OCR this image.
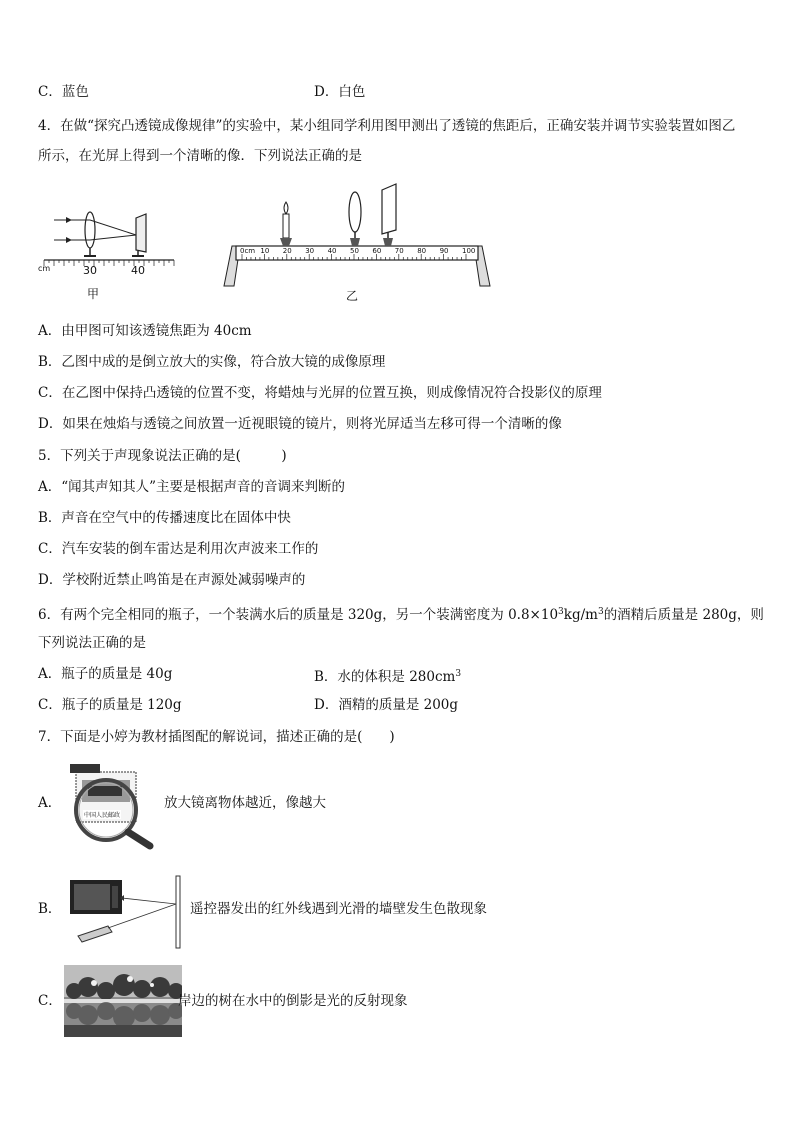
C．蓝色	D．白色
4．在做“探究凸透镜成像规律”的实验中，某小组同学利用图甲测出了透镜的焦距后，正确安装并调节实验装置如图乙
所示，在光屏上得到一个清晰的像．下列说法正确的是
cm	30	40
甲
0cm 10 20 30 40 50 60 70 80 90 100
乙
A．由甲图可知该透镜焦距为 40cm
B．乙图中成的是倒立放大的实像，符合放大镜的成像原理
C．在乙图中保持凸透镜的位置不变，将蜡烛与光屏的位置互换，则成像情况符合投影仪的原理
D．如果在烛焰与透镜之间放置一近视眼镜的镜片，则将光屏适当左移可得一个清晰的像
5．下列关于声现象说法正确的是(　　　)
A．“闻其声知其人”主要是根据声音的音调来判断的
B．声音在空气中的传播速度比在固体中快
C．汽车安装的倒车雷达是利用次声波来工作的
D．学校附近禁止鸣笛是在声源处减弱噪声的
6．有两个完全相同的瓶子，一个装满水后的质量是 320g，另一个装满密度为 $0.8\times 10^3kg/m^3$的酒精后质量是 280g，则
下列说法正确的是
A．瓶子的质量是 40g	B．水的体积是 $280cm^3$
C．瓶子的质量是 120g	D．酒精的质量是 200g
7．下面是小婷为教材插图配的解说词，描述正确的是(　　)
A．
中国人民邮政
放大镜离物体越近，像越大
B．	遥控器发出的红外线遇到光滑的墙壁发生色散现象
C．	岸边的树在水中的倒影是光的反射现象
